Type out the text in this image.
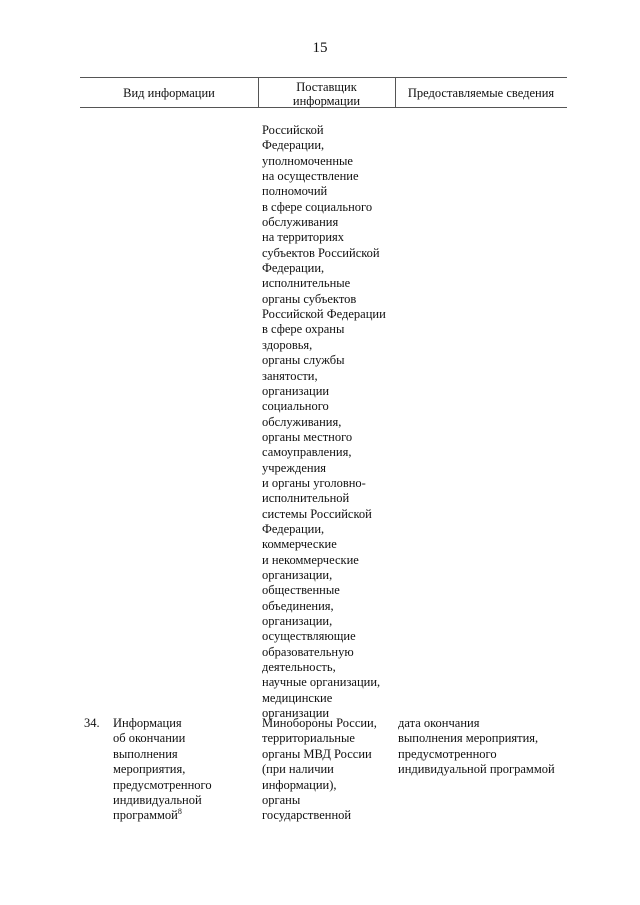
15
Вид информации	Поставщик
информации
Предоставляемые сведения
Российской
Федерации,
уполномоченные
на осуществление
полномочий
в сфере социального
обслуживания
на территориях
субъектов Российской
Федерации,
исполнительные
органы субъектов
Российской Федерации
в сфере охраны
здоровья,
органы службы
занятости,
организации
социального
обслуживания,
органы местного
самоуправления,
учреждения
и органы уголовно-
исполнительной
системы Российской
Федерации,
коммерческие
и некоммерческие
организации,
общественные
объединения,
организации,
осуществляющие
образовательную
деятельность,
научные организации,
медицинские
организации
34. Информация
об окончании
выполнения
мероприятия,
предусмотренного
индивидуальной
программой$^8$
Минобороны России,
территориальные
органы МВД России
(при наличии
информации),
органы
государственной
дата окончания
выполнения мероприятия,
предусмотренного
индивидуальной программой
